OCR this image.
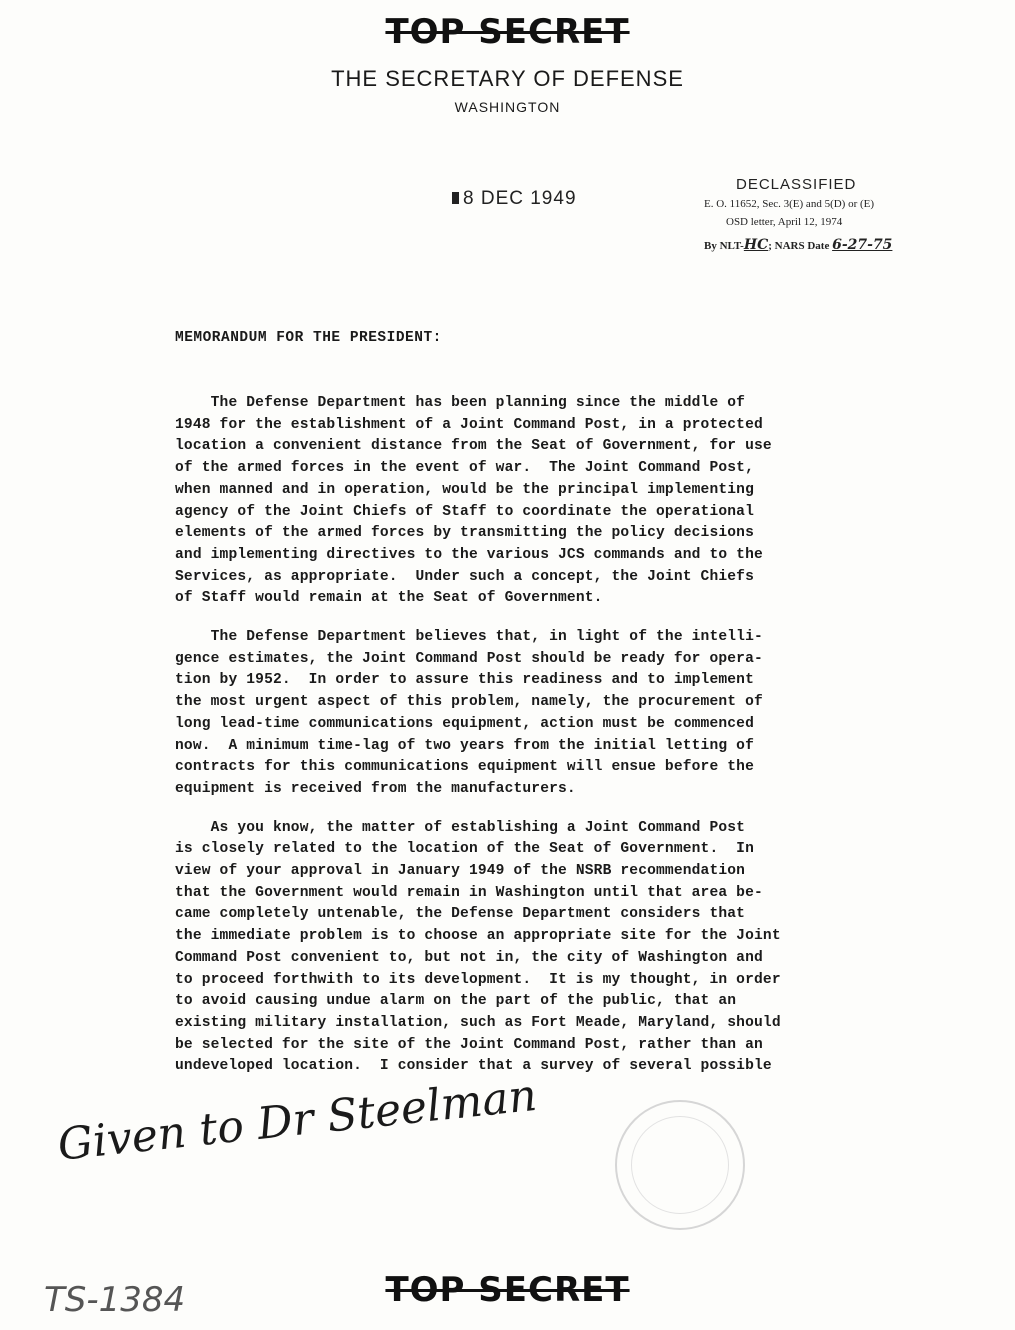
TOP SECRET
THE SECRETARY OF DEFENSE
WASHINGTON
8 DEC 1949
DECLASSIFIED
E. O. 11652, Sec. 3(E) and 5(D) or (E)
OSD letter, April 12, 1974
By NLT-HC; NARS Date 6-27-75
MEMORANDUM FOR THE PRESIDENT:
The Defense Department has been planning since the middle of
1948 for the establishment of a Joint Command Post, in a protected
location a convenient distance from the Seat of Government, for use
of the armed forces in the event of war.  The Joint Command Post,
when manned and in operation, would be the principal implementing
agency of the Joint Chiefs of Staff to coordinate the operational
elements of the armed forces by transmitting the policy decisions
and implementing directives to the various JCS commands and to the
Services, as appropriate.  Under such a concept, the Joint Chiefs
of Staff would remain at the Seat of Government.
The Defense Department believes that, in light of the intelli-
gence estimates, the Joint Command Post should be ready for opera-
tion by 1952.  In order to assure this readiness and to implement
the most urgent aspect of this problem, namely, the procurement of
long lead-time communications equipment, action must be commenced
now.  A minimum time-lag of two years from the initial letting of
contracts for this communications equipment will ensue before the
equipment is received from the manufacturers.
As you know, the matter of establishing a Joint Command Post
is closely related to the location of the Seat of Government.  In
view of your approval in January 1949 of the NSRB recommendation
that the Government would remain in Washington until that area be-
came completely untenable, the Defense Department considers that
the immediate problem is to choose an appropriate site for the Joint
Command Post convenient to, but not in, the city of Washington and
to proceed forthwith to its development.  It is my thought, in order
to avoid causing undue alarm on the part of the public, that an
existing military installation, such as Fort Meade, Maryland, should
be selected for the site of the Joint Command Post, rather than an
undeveloped location.  I consider that a survey of several possible
Given to Dr Steelman
TS-1384	TOP SECRET
